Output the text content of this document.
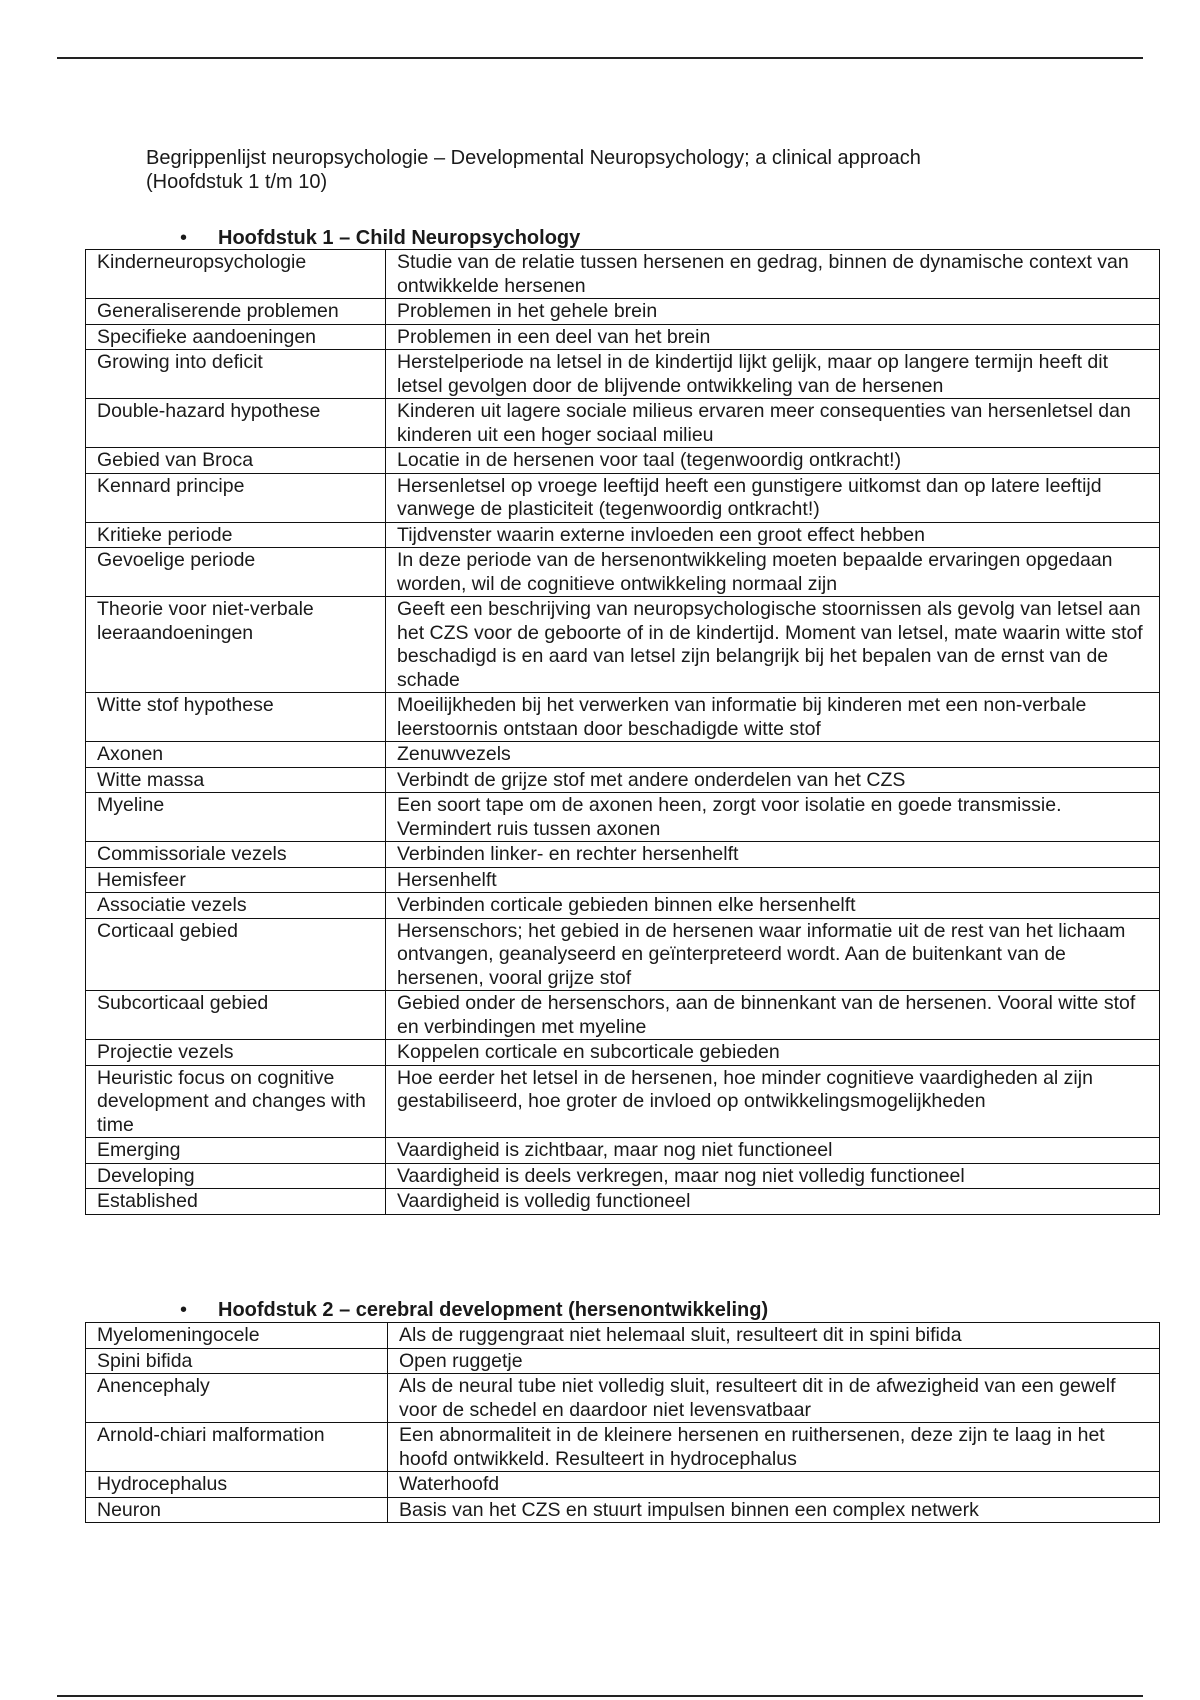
Begrippenlijst neuropsychologie – Developmental Neuropsychology; a clinical approach
(Hoofdstuk 1 t/m 10)
• Hoofdstuk 1 – Child Neuropsychology
Kinderneuropsychologie	Studie van de relatie tussen hersenen en gedrag, binnen de dynamische context van ontwikkelde hersenen
Generaliserende problemen	Problemen in het gehele brein
Specifieke aandoeningen	Problemen in een deel van het brein
Growing into deficit	Herstelperiode na letsel in de kindertijd lijkt gelijk, maar op langere termijn heeft dit letsel gevolgen door de blijvende ontwikkeling van de hersenen
Double-hazard hypothese	Kinderen uit lagere sociale milieus ervaren meer consequenties van hersenletsel dan kinderen uit een hoger sociaal milieu
Gebied van Broca	Locatie in de hersenen voor taal (tegenwoordig ontkracht!)
Kennard principe	Hersenletsel op vroege leeftijd heeft een gunstigere uitkomst dan op latere leeftijd vanwege de plasticiteit (tegenwoordig ontkracht!)
Kritieke periode	Tijdvenster waarin externe invloeden een groot effect hebben
Gevoelige periode	In deze periode van de hersenontwikkeling moeten bepaalde ervaringen opgedaan worden, wil de cognitieve ontwikkeling normaal zijn
Theorie voor niet-verbale leeraandoeningen	Geeft een beschrijving van neuropsychologische stoornissen als gevolg van letsel aan het CZS voor de geboorte of in de kindertijd. Moment van letsel, mate waarin witte stof beschadigd is en aard van letsel zijn belangrijk bij het bepalen van de ernst van de schade
Witte stof hypothese	Moeilijkheden bij het verwerken van informatie bij kinderen met een non-verbale leerstoornis ontstaan door beschadigde witte stof
Axonen	Zenuwvezels
Witte massa	Verbindt de grijze stof met andere onderdelen van het CZS
Myeline	Een soort tape om de axonen heen, zorgt voor isolatie en goede transmissie. Vermindert ruis tussen axonen
Commissoriale vezels	Verbinden linker- en rechter hersenhelft
Hemisfeer	Hersenhelft
Associatie vezels	Verbinden corticale gebieden binnen elke hersenhelft
Corticaal gebied	Hersenschors; het gebied in de hersenen waar informatie uit de rest van het lichaam ontvangen, geanalyseerd en geïnterpreteerd wordt. Aan de buitenkant van de hersenen, vooral grijze stof
Subcorticaal gebied	Gebied onder de hersenschors, aan de binnenkant van de hersenen. Vooral witte stof en verbindingen met myeline
Projectie vezels	Koppelen corticale en subcorticale gebieden
Heuristic focus on cognitive development and changes with time	Hoe eerder het letsel in de hersenen, hoe minder cognitieve vaardigheden al zijn gestabiliseerd, hoe groter de invloed op ontwikkelingsmogelijkheden
Emerging	Vaardigheid is zichtbaar, maar nog niet functioneel
Developing	Vaardigheid is deels verkregen, maar nog niet volledig functioneel
Established	Vaardigheid is volledig functioneel
• Hoofdstuk 2 – cerebral development (hersenontwikkeling)
Myelomeningocele	Als de ruggengraat niet helemaal sluit, resulteert dit in spini bifida
Spini bifida	Open ruggetje
Anencephaly	Als de neural tube niet volledig sluit, resulteert dit in de afwezigheid van een gewelf voor de schedel en daardoor niet levensvatbaar
Arnold-chiari malformation	Een abnormaliteit in de kleinere hersenen en ruithersenen, deze zijn te laag in het hoofd ontwikkeld. Resulteert in hydrocephalus
Hydrocephalus	Waterhoofd
Neuron	Basis van het CZS en stuurt impulsen binnen een complex netwerk
